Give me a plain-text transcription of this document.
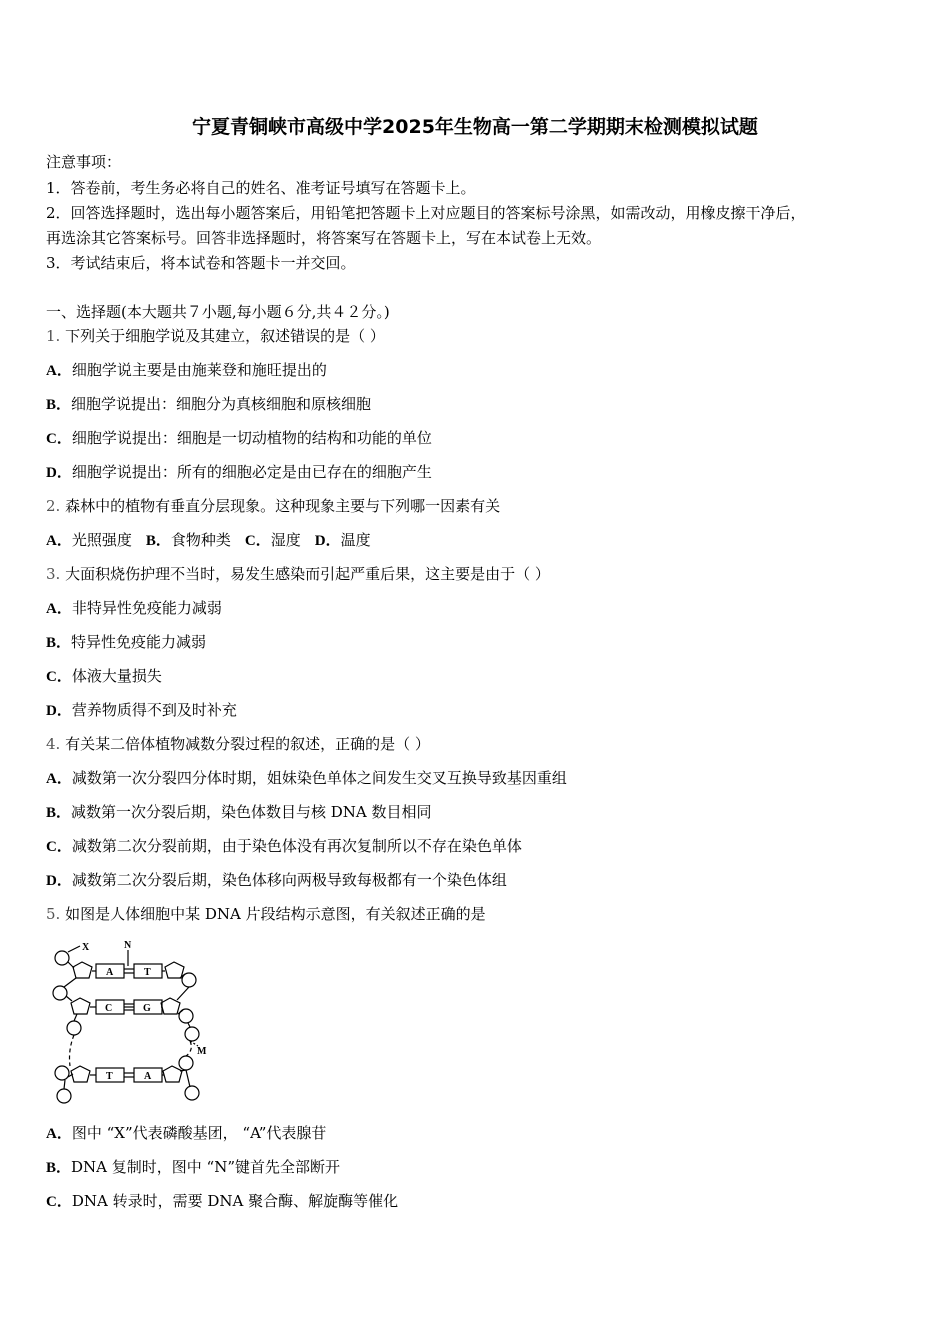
宁夏青铜峡市高级中学2025年生物高一第二学期期末检测模拟试题
注意事项：
1．答卷前，考生务必将自己的姓名、准考证号填写在答题卡上。
2．回答选择题时，选出每小题答案后，用铅笔把答题卡上对应题目的答案标号涂黑，如需改动，用橡皮擦干净后，
再选涂其它答案标号。回答非选择题时，将答案写在答题卡上，写在本试卷上无效。
3．考试结束后，将本试卷和答题卡一并交回。
一、选择题(本大题共７小题,每小题６分,共４２分。)
1. 下列关于细胞学说及其建立，叙述错误的是（ ）
A．细胞学说主要是由施莱登和施旺提出的
B．细胞学说提出：细胞分为真核细胞和原核细胞
C．细胞学说提出：细胞是一切动植物的结构和功能的单位
D．细胞学说提出：所有的细胞必定是由已存在的细胞产生
2. 森林中的植物有垂直分层现象。这种现象主要与下列哪一因素有关
A．光照强度 B．食物种类 C．湿度 D．温度
3. 大面积烧伤护理不当时，易发生感染而引起严重后果，这主要是由于（ ）
A．非特异性免疫能力减弱
B．特异性免疫能力减弱
C．体液大量损失
D．营养物质得不到及时补充
4. 有关某二倍体植物减数分裂过程的叙述，正确的是（ ）
A．减数第一次分裂四分体时期，姐妹染色单体之间发生交叉互换导致基因重组
B．减数第一次分裂后期，染色体数目与核 DNA 数目相同
C．减数第二次分裂前期，由于染色体没有再次复制所以不存在染色单体
D．减数第二次分裂后期，染色体移向两极导致每极都有一个染色体组
5. 如图是人体细胞中某 DNA 片段结构示意图，有关叙述正确的是
X	N
M
A	T
C	G
T	A
A．图中 “X”代表磷酸基团， “A”代表腺苷
B．DNA 复制时，图中 “N”键首先全部断开
C．DNA 转录时，需要 DNA 聚合酶、解旋酶等催化
